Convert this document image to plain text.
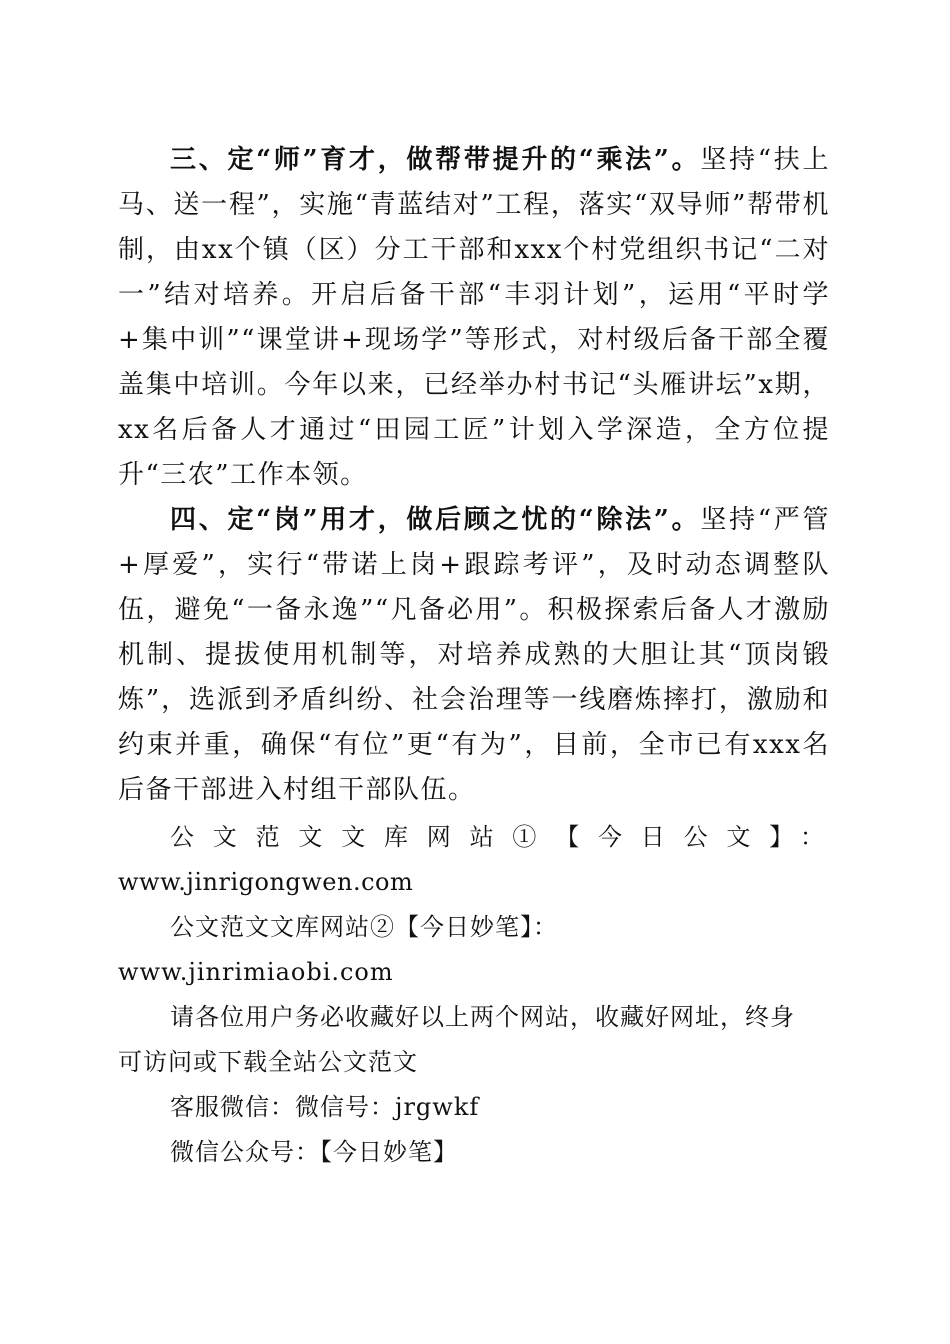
三、定“师”育才，做帮带提升的“乘法”。坚持“扶上马、送一程”，实施“青蓝结对”工程，落实“双导师”帮带机制，由xx个镇（区）分工干部和xxx个村党组织书记“二对一”结对培养。开启后备干部“丰羽计划”，运用“平时学+集中训”“课堂讲+现场学”等形式，对村级后备干部全覆盖集中培训。今年以来，已经举办村书记“头雁讲坛”x期，xx名后备人才通过“田园工匠”计划入学深造，全方位提升“三农”工作本领。

四、定“岗”用才，做后顾之忧的“除法”。坚持“严管+厚爱”，实行“带诺上岗+跟踪考评”，及时动态调整队伍，避免“一备永逸”“凡备必用”。积极探索后备人才激励机制、提拔使用机制等，对培养成熟的大胆让其“顶岗锻炼”，选派到矛盾纠纷、社会治理等一线磨炼摔打，激励和约束并重，确保“有位”更“有为”，目前，全市已有xxx名后备干部进入村组干部队伍。

公文范文文库网站①【今日公文】：

www.jinrigongwen.com

公文范文文库网站②【今日妙笔】：www.jinrimiaobi.com

请各位用户务必收藏好以上两个网站，收藏好网址，终身

可访问或下载全站公文范文

客服微信：微信号：jrgwkf

微信公众号：【今日妙笔】
